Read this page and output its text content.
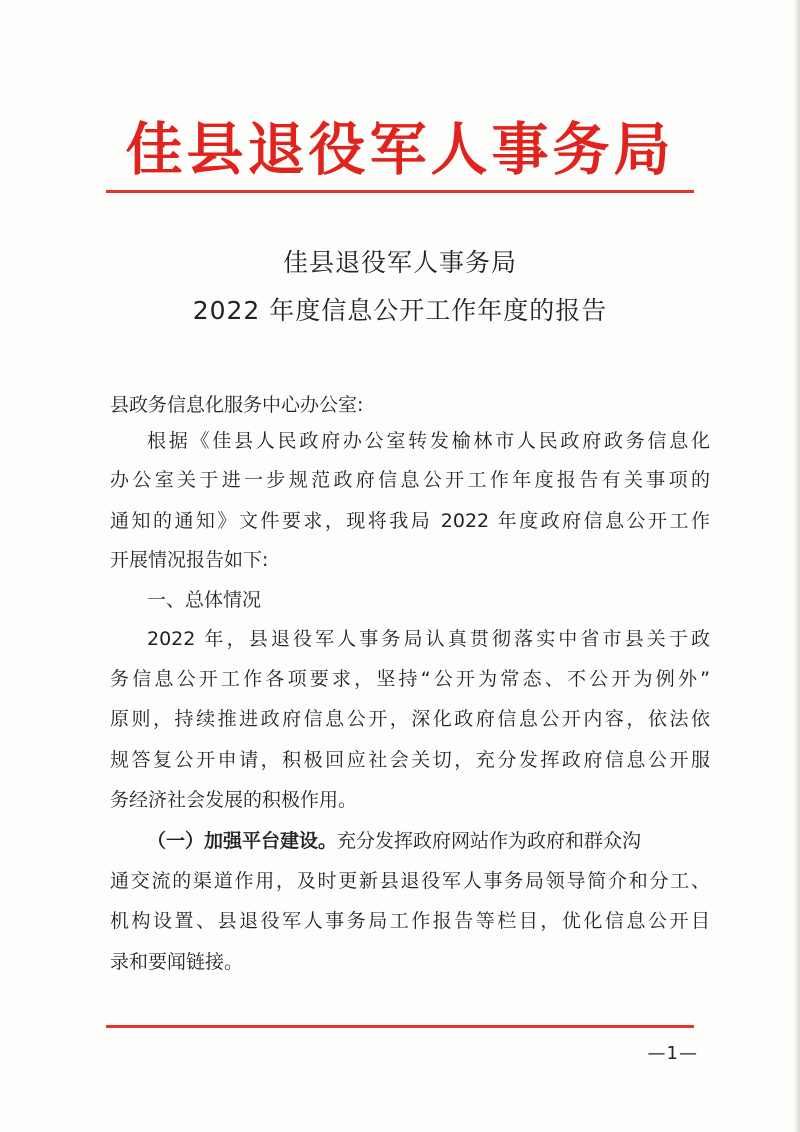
佳县退役军人事务局
佳县退役军人事务局
2022 年度信息公开工作年度的报告
县政务信息化服务中心办公室:
根据《佳县人民政府办公室转发榆林市人民政府政务信息化
办公室关于进一步规范政府信息公开工作年度报告有关事项的
通知的通知》文件要求，现将我局 2022 年度政府信息公开工作
开展情况报告如下:
一、总体情况
2022 年，县退役军人事务局认真贯彻落实中省市县关于政
务信息公开工作各项要求，坚持“公开为常态、不公开为例外”
原则，持续推进政府信息公开，深化政府信息公开内容，依法依
规答复公开申请，积极回应社会关切，充分发挥政府信息公开服
务经济社会发展的积极作用。
（一）加强平台建设。充分发挥政府网站作为政府和群众沟
通交流的渠道作用，及时更新县退役军人事务局领导简介和分工、
机构设置、县退役军人事务局工作报告等栏目，优化信息公开目
录和要闻链接。
—1—
